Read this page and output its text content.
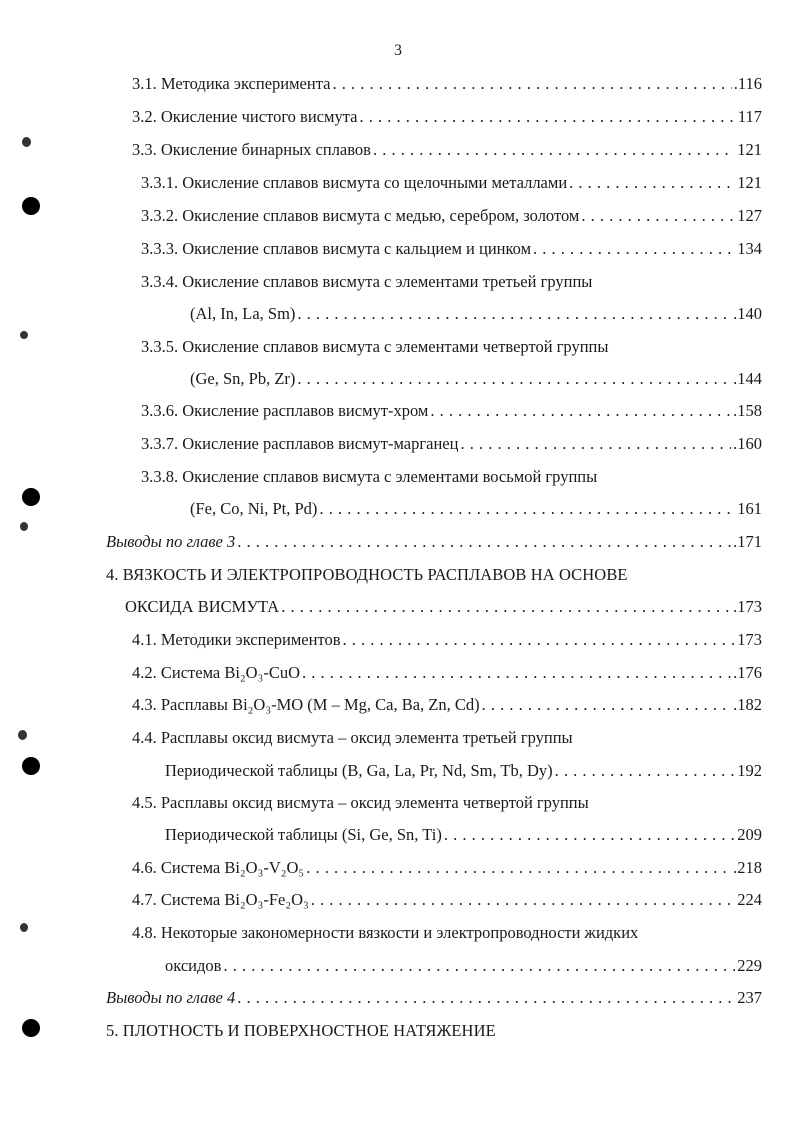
3
3.1. Методика эксперимента . . .	.116
3.2. Окисление чистого висмута . . .	117
3.3. Окисление бинарных сплавов . . .	121
3.3.1. Окисление сплавов висмута со щелочными металлами . . .	121
3.3.2. Окисление сплавов висмута с медью, серебром, золотом . . .	127
3.3.3. Окисление сплавов висмута с кальцием и цинком . . .	134
3.3.4. Окисление сплавов висмута с элементами третьей группы
(Al, In, La, Sm) . . .	.140
3.3.5. Окисление сплавов висмута с элементами четвертой группы
(Ge, Sn, Pb, Zr) . . .	.144
3.3.6. Окисление расплавов висмут-хром . . .	.158
3.3.7. Окисление расплавов висмут-марганец . . .	.160
3.3.8. Окисление сплавов висмута с элементами восьмой группы
(Fe, Co, Ni, Pt, Pd) . . .	161
Выводы по главе 3 . . .	.171
4. ВЯЗКОСТЬ И ЭЛЕКТРОПРОВОДНОСТЬ РАСПЛАВОВ НА ОСНОВЕ
ОКСИДА ВИСМУТА . . .	.173
4.1. Методики экспериментов . . .	173
4.2. Система Bi₂O₃-CuO . . .	.176
4.3. Расплавы Bi₂O₃-MO (M – Mg, Ca, Ba, Zn, Cd) . . .	.182
4.4. Расплавы оксид висмута – оксид элемента третьей группы
Периодической таблицы (B, Ga, La, Pr, Nd, Sm, Tb, Dy) . . .	192
4.5. Расплавы оксид висмута – оксид элемента четвертой группы
Периодической таблицы (Si, Ge, Sn, Ti) . . .	209
4.6. Система Bi₂O₃-V₂O₅ . . .	.218
4.7. Система Bi₂O₃-Fe₂O₃ . . .	224
4.8. Некоторые закономерности вязкости и электропроводности жидких
оксидов . . .	229
Выводы по главе 4 . . .	237
5. ПЛОТНОСТЬ И ПОВЕРХНОСТНОЕ НАТЯЖЕНИЕ
